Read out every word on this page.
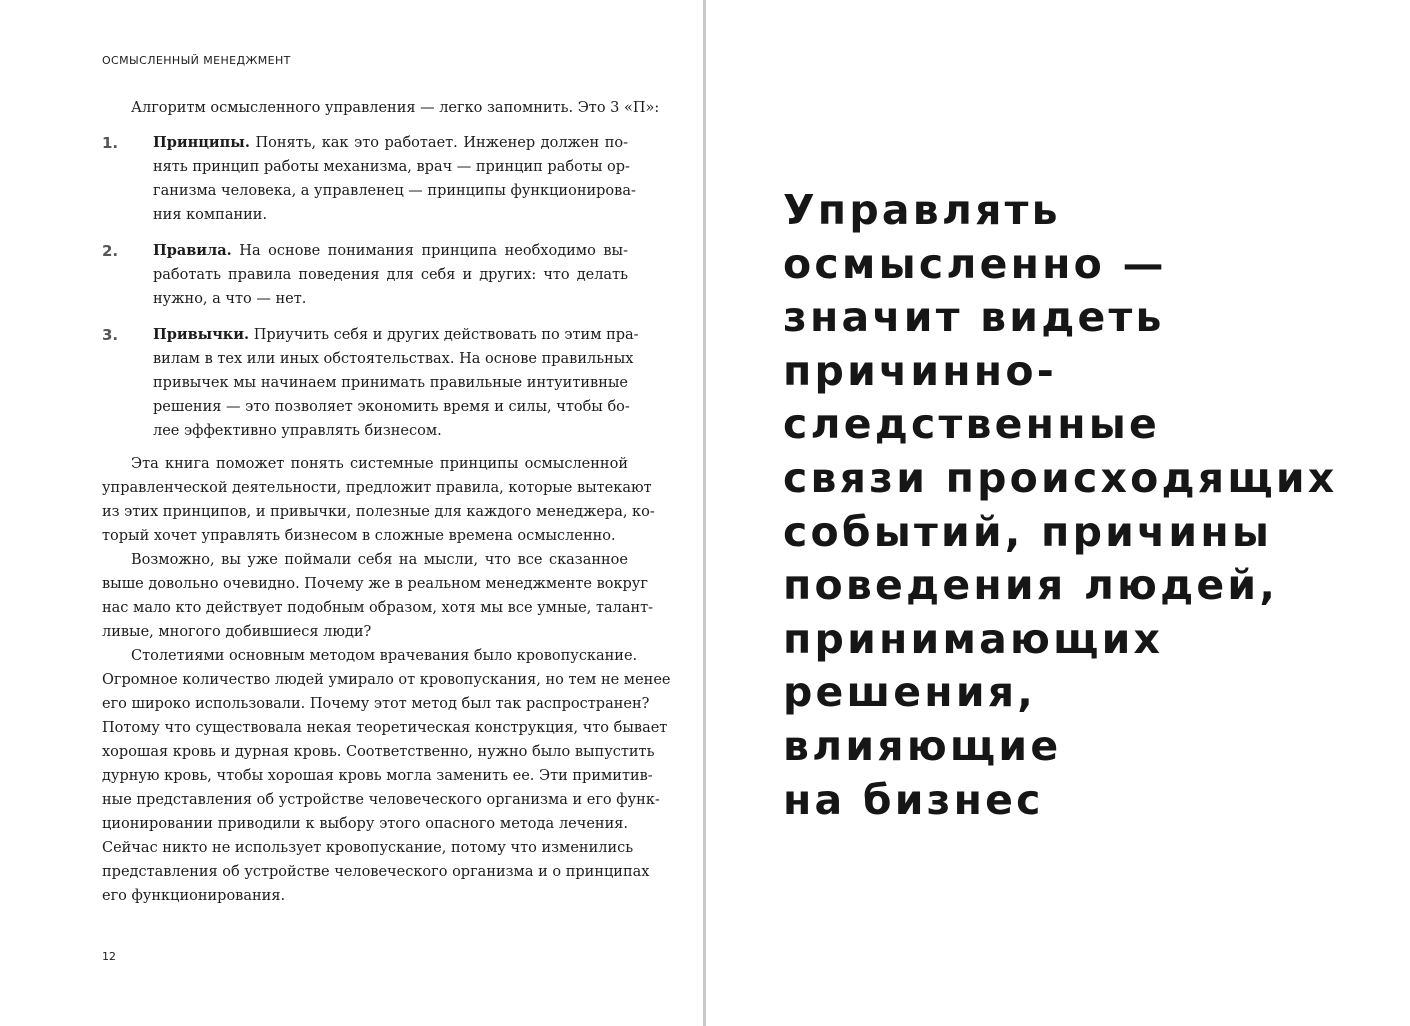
ОСМЫСЛЕННЫЙ МЕНЕДЖМЕНТ
Алгоритм осмысленного управления — легко запомнить. Это 3 «П»:
1.	Принципы. Понять, как это работает. Инженер должен по-
нять принцип работы механизма, врач — принцип работы ор-
ганизма человека, а управленец — принципы функционирова-
ния компании.
2.	Правила. На основе понимания принципа необходимо вы-
работать правила поведения для себя и других: что делать
нужно, а что — нет.
3.	Привычки. Приучить себя и других действовать по этим пра-
вилам в тех или иных обстоятельствах. На основе правильных
привычек мы начинаем принимать правильные интуитивные
решения — это позволяет экономить время и силы, чтобы бо-
лее эффективно управлять бизнесом.
Эта книга поможет понять системные принципы осмысленной
управленческой деятельности, предложит правила, которые вытекают
из этих принципов, и привычки, полезные для каждого менеджера, ко-
торый хочет управлять бизнесом в сложные времена осмысленно.
Возможно, вы уже поймали себя на мысли, что все сказанное
выше довольно очевидно. Почему же в реальном менеджменте вокруг
нас мало кто действует подобным образом, хотя мы все умные, талант-
ливые, многого добившиеся люди?
Столетиями основным методом врачевания было кровопускание.
Огромное количество людей умирало от кровопускания, но тем не менее
его широко использовали. Почему этот метод был так распространен?
Потому что существовала некая теоретическая конструкция, что бывает
хорошая кровь и дурная кровь. Соответственно, нужно было выпустить
дурную кровь, чтобы хорошая кровь могла заменить ее. Эти примитив-
ные представления об устройстве человеческого организма и его функ-
ционировании приводили к выбору этого опасного метода лечения.
Сейчас никто не использует кровопускание, потому что изменились
представления об устройстве человеческого организма и о принципах
его функционирования.
12
Управлять
осмысленно —
значит видеть
причинно-
следственные
связи происходящих
событий, причины
поведения людей,
принимающих
решения,
влияющие
на бизнес
